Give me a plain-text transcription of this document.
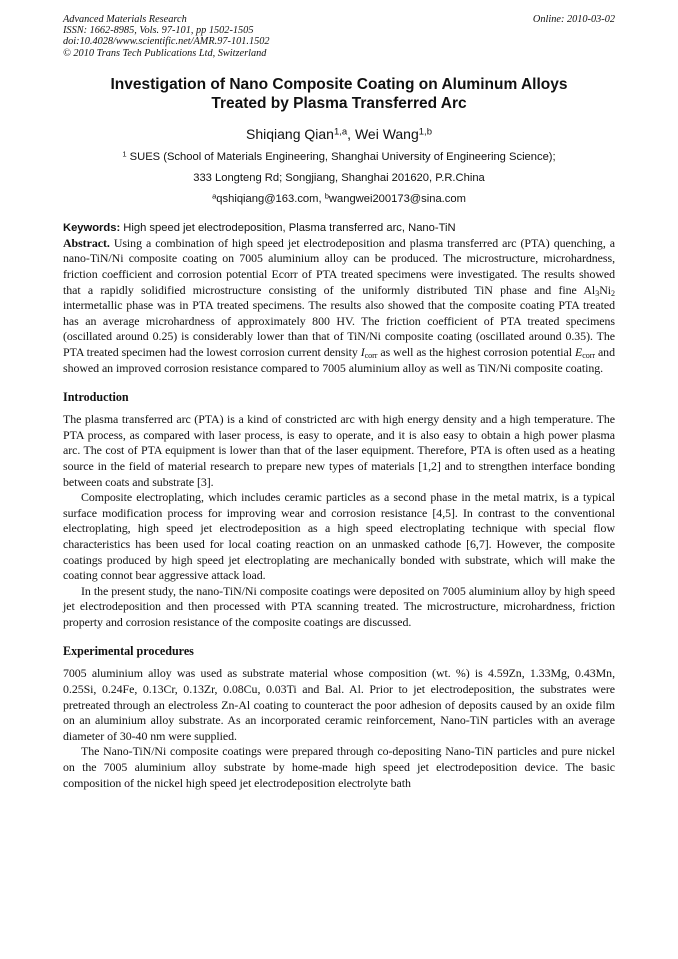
Advanced Materials Research
ISSN: 1662-8985, Vols. 97-101, pp 1502-1505
doi:10.4028/www.scientific.net/AMR.97-101.1502
© 2010 Trans Tech Publications Ltd, Switzerland
Online: 2010-03-02
Investigation of Nano Composite Coating on Aluminum Alloys
Treated by Plasma Transferred Arc
Shiqiang Qian$^{1,a}$, Wei Wang$^{1,b}$
$^1$ SUES (School of Materials Engineering, Shanghai University of Engineering Science);
333 Longteng Rd; Songjiang, Shanghai 201620, P.R.China
$^a$qshiqiang@163.com, $^b$wangwei200173@sina.com
Keywords: High speed jet electrodeposition, Plasma transferred arc, Nano-TiN

Abstract. Using a combination of high speed jet electrodeposition and plasma transferred arc (PTA) quenching, a nano-TiN/Ni composite coating on 7005 aluminium alloy can be produced. The microstructure, microhardness, friction coefficient and corrosion potential Ecorr of PTA treated specimens were investigated. The results showed that a rapidly solidified microstructure consisting of the uniformly distributed TiN phase and fine $Al_3Ni_2$ intermetallic phase was in PTA treated specimens. The results also showed that the composite coating PTA treated has an average microhardness of approximately 800 HV. The friction coefficient of PTA treated specimens (oscillated around 0.25) is considerably lower than that of TiN/Ni composite coating (oscillated around 0.35). The PTA treated specimen had the lowest corrosion current density $I_{corr}$ as well as the highest corrosion potential $E_{corr}$ and showed an improved corrosion resistance compared to 7005 aluminium alloy as well as TiN/Ni composite coating.

Introduction

The plasma transferred arc (PTA) is a kind of constricted arc with high energy density and a high temperature. The PTA process, as compared with laser process, is easy to operate, and it is also easy to obtain a high power plasma arc. The cost of PTA equipment is lower than that of the laser equipment. Therefore, PTA is often used as a heating source in the field of material research to prepare new types of materials [1,2] and to strengthen interface bonding between coats and substrate [3].

Composite electroplating, which includes ceramic particles as a second phase in the metal matrix, is a typical surface modification process for improving wear and corrosion resistance [4,5]. In contrast to the conventional electroplating, high speed jet electrodeposition as a high speed electroplating technique with special flow characteristics has been used for local coating reaction on an unmasked cathode [6,7]. However, the composite coatings produced by high speed jet electroplating are mechanically bonded with substrate, which will make the coating connot bear aggressive attack load.

In the present study, the nano-TiN/Ni composite coatings were deposited on 7005 aluminium alloy by high speed jet electrodeposition and then processed with PTA scanning treated. The microstructure, microhardness, friction property and corrosion resistance of the composite coatings are discussed.

Experimental procedures

7005 aluminium alloy was used as substrate material whose composition (wt. %) is 4.59Zn, 1.33Mg, 0.43Mn, 0.25Si, 0.24Fe, 0.13Cr, 0.13Zr, 0.08Cu, 0.03Ti and Bal. Al. Prior to jet electrodeposition, the substrates were pretreated through an electroless Zn-Al coating to counteract the poor adhesion of deposits caused by an oxide film on an aluminium alloy substrate. As an incorporated ceramic reinforcement, Nano-TiN particles with an average diameter of 30-40 nm were supplied.

The Nano-TiN/Ni composite coatings were prepared through co-depositing Nano-TiN particles and pure nickel on the 7005 aluminium alloy substrate by home-made high speed jet electrodeposition device. The basic composition of the nickel high speed jet electrodeposition electrolyte bath
